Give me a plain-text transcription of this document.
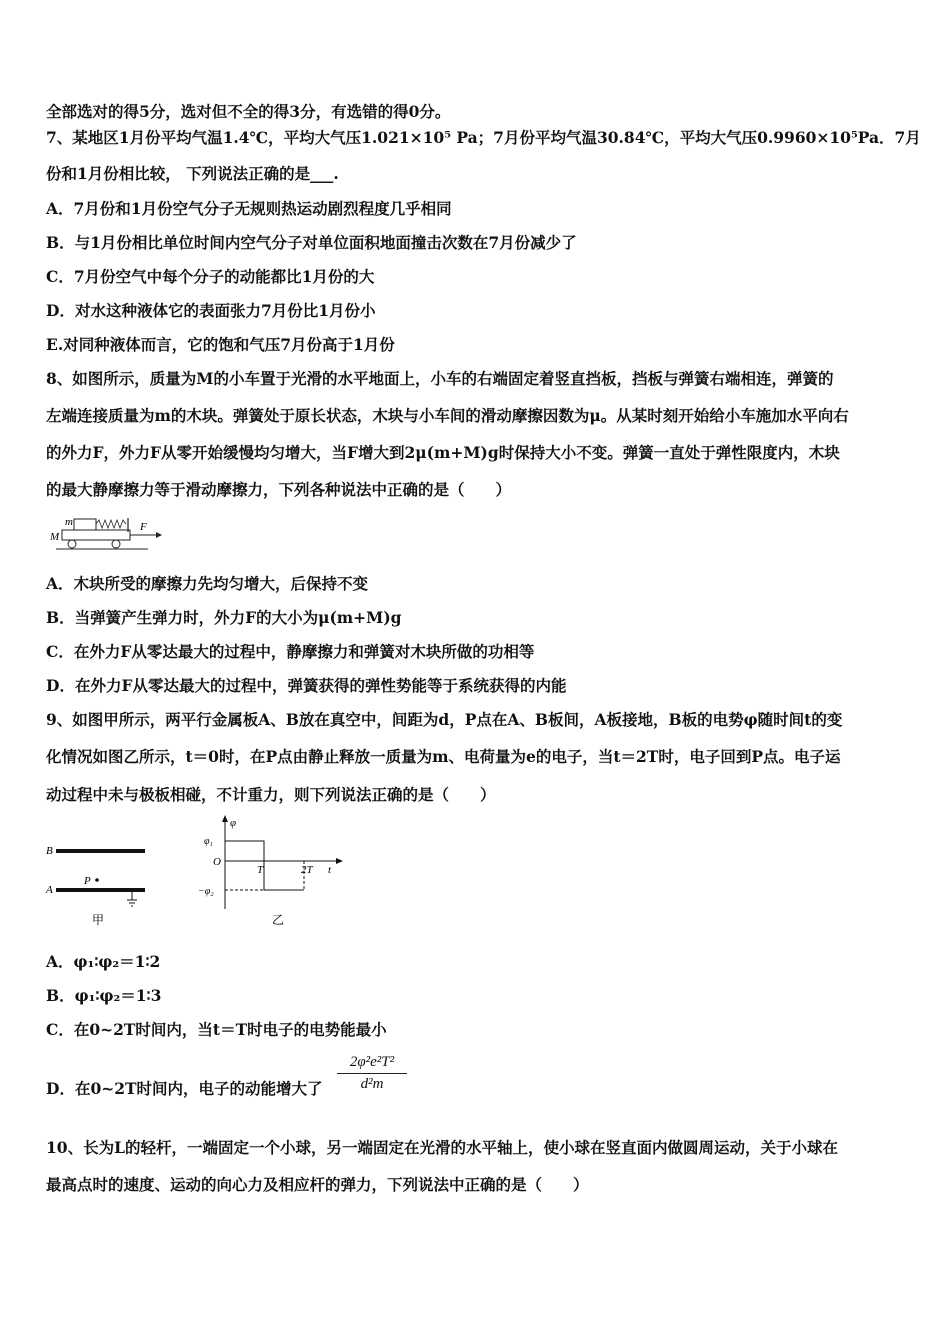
全部选对的得5分，选对但不全的得3分，有选错的得0分。
7、某地区1月份平均气温1.4℃，平均大气压1.021×10⁵ Pa；7月份平均气温30.84℃，平均大气压0.9960×10⁵Pa．7月
份和1月份相比较， 下列说法正确的是___.
A．7月份和1月份空气分子无规则热运动剧烈程度几乎相同
B．与1月份相比单位时间内空气分子对单位面积地面撞击次数在7月份减少了
C．7月份空气中每个分子的动能都比1月份的大
D．对水这种液体它的表面张力7月份比1月份小
E.对同种液体而言，它的饱和气压7月份高于1月份
8、如图所示，质量为M的小车置于光滑的水平地面上，小车的右端固定着竖直挡板，挡板与弹簧右端相连，弹簧的
左端连接质量为m的木块。弹簧处于原长状态，木块与小车间的滑动摩擦因数为μ。从某时刻开始给小车施加水平向右
的外力F，外力F从零开始缓慢均匀增大，当F增大到2μ(m+M)g时保持大小不变。弹簧一直处于弹性限度内，木块
的最大静摩擦力等于滑动摩擦力，下列各种说法中正确的是（　　）
m
M
F
A．木块所受的摩擦力先均匀增大，后保持不变
B．当弹簧产生弹力时，外力F的大小为μ(m+M)g
C．在外力F从零达最大的过程中，静摩擦力和弹簧对木块所做的功相等
D．在外力F从零达最大的过程中，弹簧获得的弹性势能等于系统获得的内能
9、如图甲所示，两平行金属板A、B放在真空中，间距为d，P点在A、B板间，A板接地，B板的电势φ随时间t的变
化情况如图乙所示，t＝0时，在P点由静止释放一质量为m、电荷量为e的电子，当t＝2T时，电子回到P点。电子运
动过程中未与极板相碰，不计重力，则下列说法正确的是（　　）
B
P
A
甲
φ
φ₁
O
T	2T t
−φ₂
乙
A．φ₁∶φ₂＝1∶2
B．φ₁∶φ₂＝1∶3
C．在0~2T时间内，当t＝T时电子的电势能最小
D．在0~2T时间内，电子的动能增大了 $\frac{\text{2φ²e²T²}}{\text{d²m}}$
10、长为L的轻杆，一端固定一个小球，另一端固定在光滑的水平轴上，使小球在竖直面内做圆周运动，关于小球在
最高点时的速度、运动的向心力及相应杆的弹力，下列说法中正确的是（　　）
